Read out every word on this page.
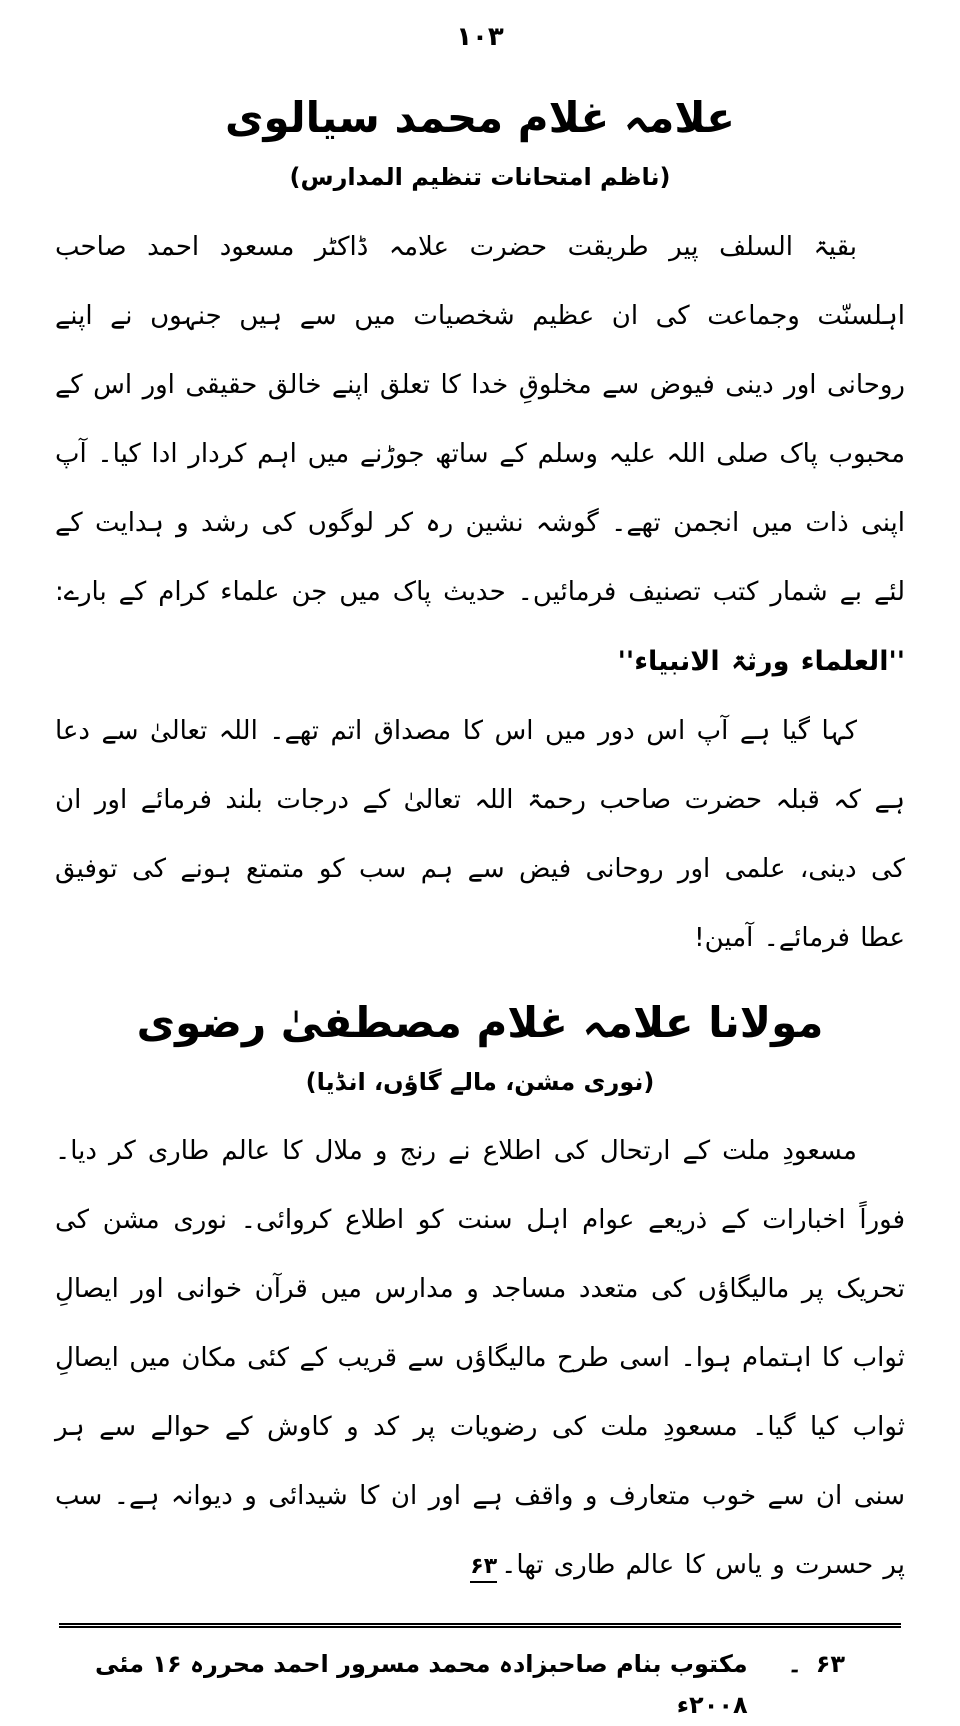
۱۰۳
علامہ غلام محمد سیالوی
(ناظم امتحانات تنظیم المدارس)

بقیۃ السلف پیر طریقت حضرت علامہ ڈاکٹر مسعود احمد صاحب اہلسنّت وجماعت کی ان عظیم شخصیات میں سے ہیں جنہوں نے اپنے روحانی اور دینی فیوض سے مخلوقِ خدا کا تعلق اپنے خالق حقیقی اور اس کے محبوب پاک صلی اللہ علیہ وسلم کے ساتھ جوڑنے میں اہم کردار ادا کیا۔ آپ اپنی ذات میں انجمن تھے۔ گوشہ نشین رہ کر لوگوں کی رشد و ہدایت کے لئے بے شمار کتب تصنیف فرمائیں۔ حدیث پاک میں جن علماء کرام کے بارے: ''العلماء ورثۃ الانبیاء''

کہا گیا ہے آپ اس دور میں اس کا مصداق اتم تھے۔ اللہ تعالیٰ سے دعا ہے کہ قبلہ حضرت صاحب رحمۃ اللہ تعالیٰ کے درجات بلند فرمائے اور ان کی دینی، علمی اور روحانی فیض سے ہم سب کو متمتع ہونے کی توفیق عطا فرمائے۔ آمین!

مولانا علامہ غلام مصطفیٰ رضوی
(نوری مشن، مالے گاؤں، انڈیا)

مسعودِ ملت کے ارتحال کی اطلاع نے رنج و ملال کا عالم طاری کر دیا۔ فوراً اخبارات کے ذریعے عوام اہل سنت کو اطلاع کروائی۔ نوری مشن کی تحریک پر مالیگاؤں کی متعدد مساجد و مدارس میں قرآن خوانی اور ایصالِ ثواب کا اہتمام ہوا۔ اسی طرح مالیگاؤں سے قریب کے کئی مکان میں ایصالِ ثواب کیا گیا۔ مسعودِ ملت کی رضویات پر کد و کاوش کے حوالے سے ہر سنی ان سے خوب متعارف و واقف ہے اور ان کا شیدائی و دیوانہ ہے۔ سب پر حسرت و یاس کا عالم طاری تھا۔۶۳

۶۳
۔
مکتوب بنام صاحبزادہ محمد مسرور احمد محررہ ۱۶ مئی ۲۰۰۸ء
